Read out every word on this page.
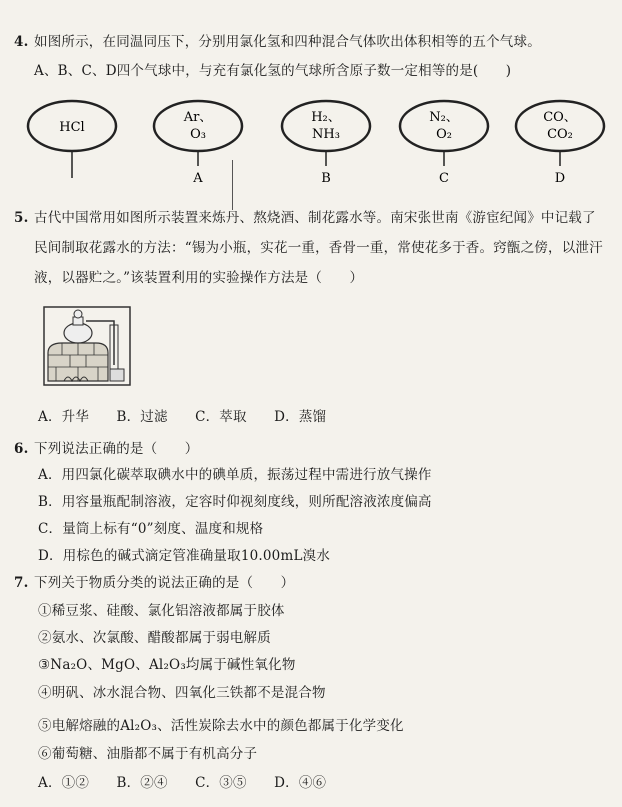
4. 如图所示，在同温同压下，分别用氯化氢和四种混合气体吹出体积相等的五个气球。
A、B、C、D四个气球中，与充有氯化氢的气球所含原子数一定相等的是(　　)
HCl
Ar、
O₃
A
H₂、
NH₃
B
N₂、
O₂
C
CO、
CO₂
D
5. 古代中国常用如图所示装置来炼丹、熬烧酒、制花露水等。南宋张世南《游宦纪闻》中记载了
民间制取花露水的方法：“锡为小瓶，实花一重，香骨一重，常使花多于香。窍甑之傍，以泄汗
液，以器贮之。”该装置利用的实验操作方法是（　　）
A．升华　　B．过滤　　C．萃取　　D．蒸馏
6. 下列说法正确的是（　　）
A．用四氯化碳萃取碘水中的碘单质，振荡过程中需进行放气操作
B．用容量瓶配制溶液，定容时仰视刻度线，则所配溶液浓度偏高
C．量筒上标有“0”刻度、温度和规格
D．用棕色的碱式滴定管准确量取10.00mL溴水
7. 下列关于物质分类的说法正确的是（　　）
①稀豆浆、硅酸、氯化铝溶液都属于胶体
②氨水、次氯酸、醋酸都属于弱电解质
③Na₂O、MgO、Al₂O₃均属于碱性氧化物
④明矾、冰水混合物、四氧化三铁都不是混合物
⑤电解熔融的Al₂O₃、活性炭除去水中的颜色都属于化学变化
⑥葡萄糖、油脂都不属于有机高分子
A．①②　　B．②④　　C．③⑤　　D．④⑥
